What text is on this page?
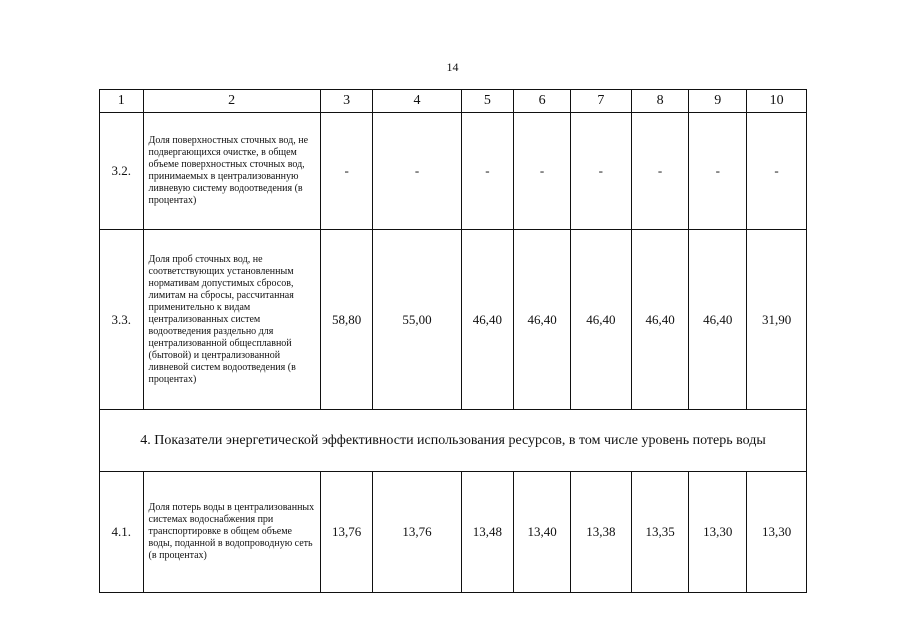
14
1	2	3	4	5	6	7	8	9	10
3.2.	Доля поверхностных сточных вод, не подвергающихся очистке, в общем объеме поверхностных сточных вод, принимаемых в централизованную ливневую систему водоотведения (в процентах)	-	-	-	-	-	-	-	-
3.3.	Доля проб сточных вод, не соответствующих установленным нормативам допустимых сбросов, лимитам на сбросы, рассчитанная применительно к видам централизованных систем водоотведения раздельно для централизованной общесплавной (бытовой) и централизованной ливневой систем водоотведения (в процентах)	58,80	55,00	46,40	46,40	46,40	46,40	46,40	31,90
4. Показатели энергетической эффективности использования ресурсов, в том числе уровень потерь воды									
4.1.	Доля потерь воды в централизованных системах водоснабжения при транспортировке в общем объеме воды, поданной в водопроводную сеть (в процентах)	13,76	13,76	13,48	13,40	13,38	13,35	13,30	13,30
